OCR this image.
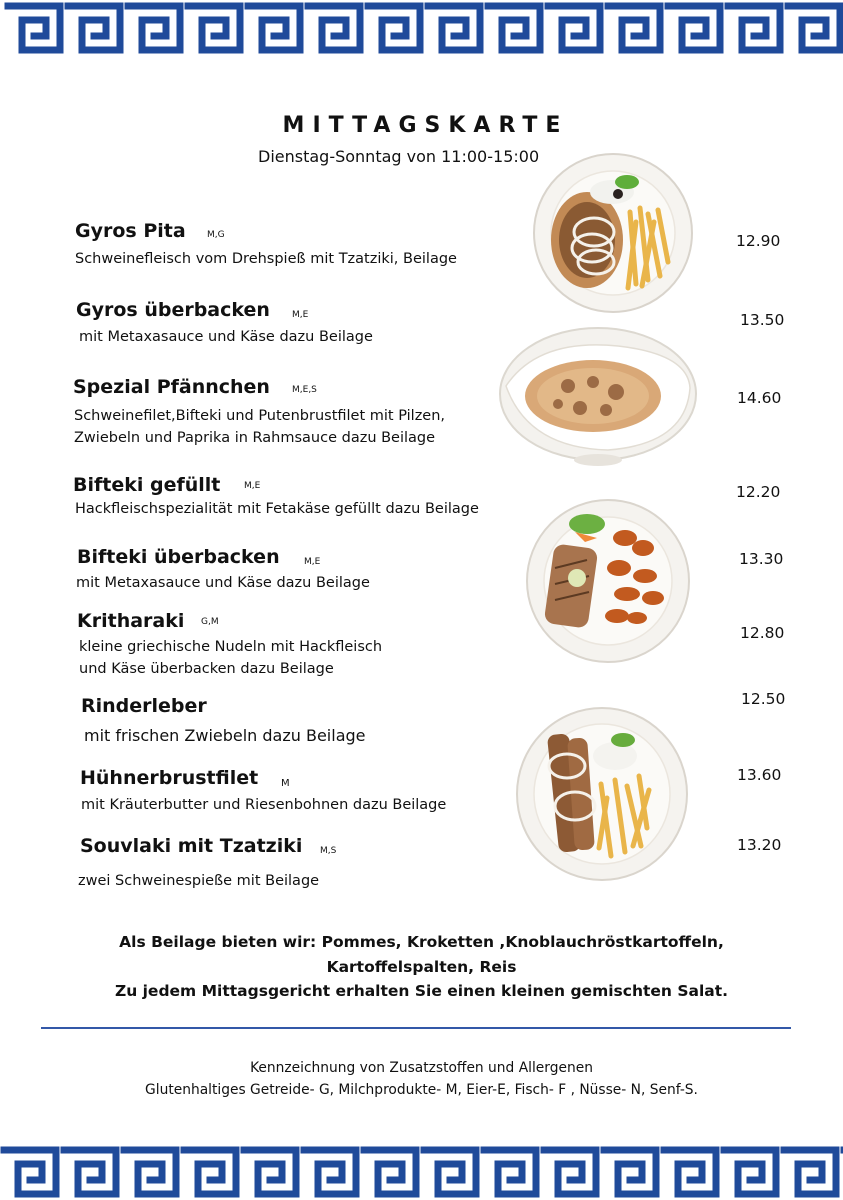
MITTAGSKARTE
Dienstag-Sonntag von 11:00-15:00
Gyros Pita M,G
Schweinefleisch vom Drehspieß mit Tzatziki, Beilage
12.90
Gyros überbacken M,E
mit Metaxasauce und Käse dazu Beilage
13.50
Spezial Pfännchen M,E,S
Schweinefilet,Bifteki und Putenbrustfilet mit Pilzen,
Zwiebeln und Paprika in Rahmsauce dazu Beilage
14.60
Bifteki gefüllt	M,E
Hackfleischspezialität mit Fetakäse gefüllt dazu Beilage
12.20
Bifteki überbacken	M,E
mit Metaxasauce und Käse dazu Beilage
13.30
Kritharaki G,M
kleine griechische Nudeln mit Hackfleisch
und Käse überbacken dazu Beilage
12.80
Rinderleber
mit frischen Zwiebeln dazu Beilage
12.50
Hühnerbrustfilet M
mit Kräuterbutter und Riesenbohnen dazu Beilage
13.60
Souvlaki mit Tzatziki M,S
zwei Schweinespieße mit Beilage
13.20
Als Beilage bieten wir: Pommes, Kroketten ,Knoblauchröstkartoffeln,
Kartoffelspalten, Reis
Zu jedem Mittagsgericht erhalten Sie einen kleinen gemischten Salat.
Kennzeichnung von Zusatzstoffen und Allergenen
Glutenhaltiges Getreide- G, Milchprodukte- M, Eier-E, Fisch- F , Nüsse- N, Senf-S.
